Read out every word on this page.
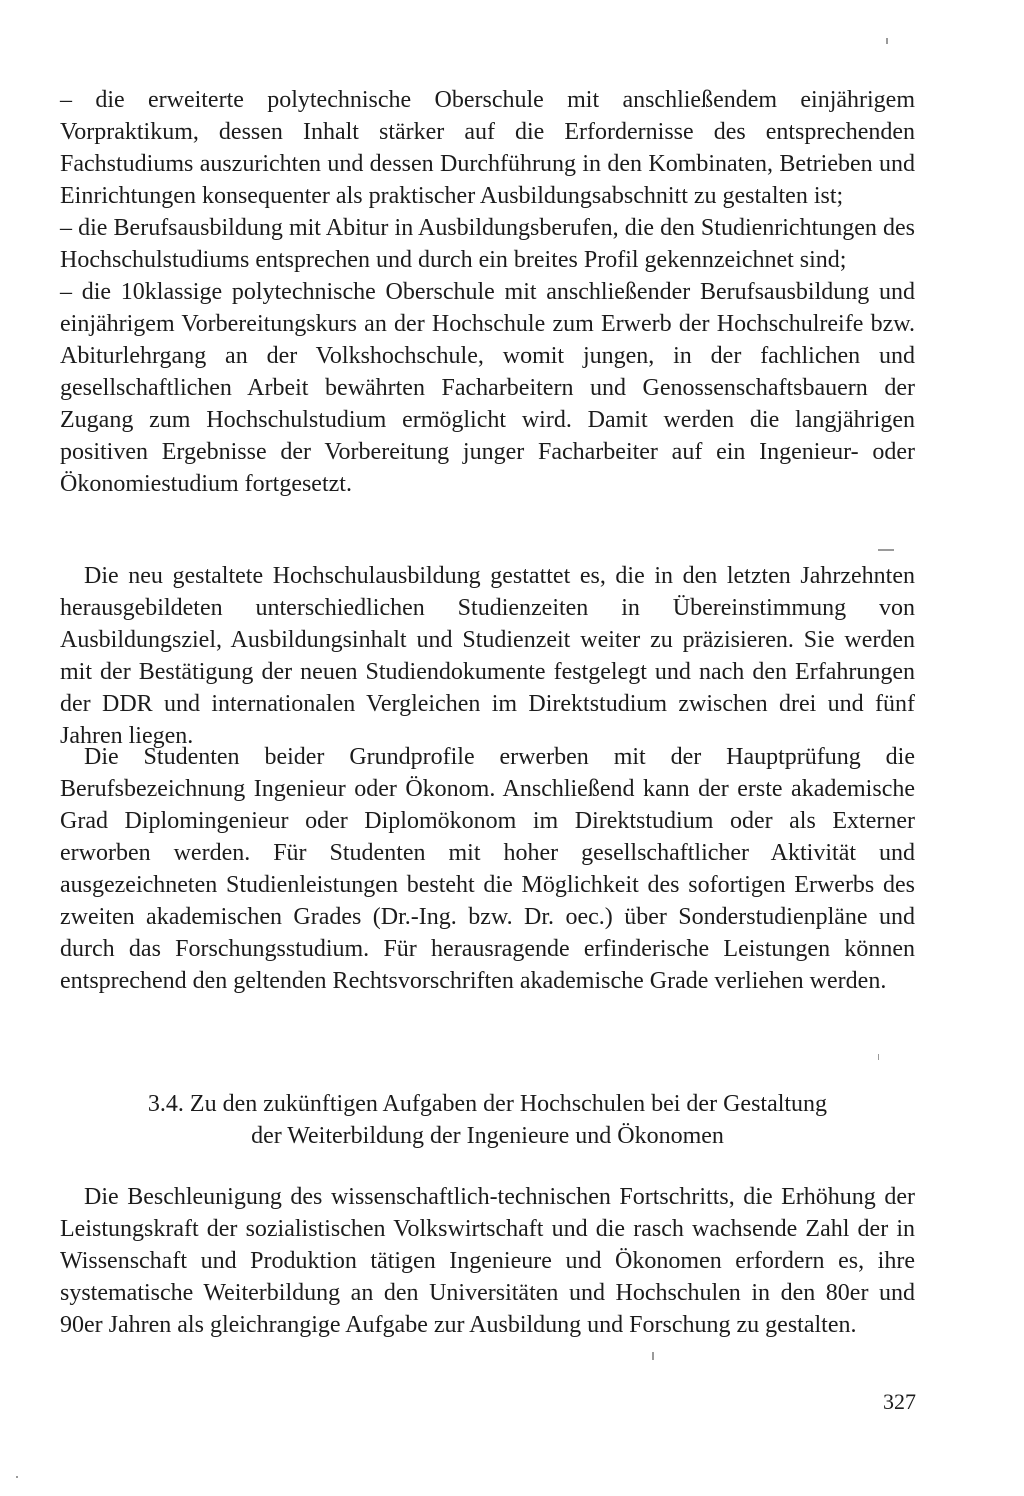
– die erweiterte polytechnische Oberschule mit anschließendem einjährigem Vorpraktikum, dessen Inhalt stärker auf die Erfordernisse des entsprechenden Fachstudiums auszurichten und dessen Durchführung in den Kombinaten, Betrieben und Einrichtungen konsequenter als praktischer Ausbildungsabschnitt zu gestalten ist;

– die Berufsausbildung mit Abitur in Ausbildungsberufen, die den Studienrichtungen des Hochschulstudiums entsprechen und durch ein breites Profil gekennzeichnet sind;

– die 10klassige polytechnische Oberschule mit anschließender Berufsausbildung und einjährigem Vorbereitungskurs an der Hochschule zum Erwerb der Hochschulreife bzw. Abiturlehrgang an der Volkshochschule, womit jungen, in der fachlichen und gesellschaftlichen Arbeit bewährten Facharbeitern und Genossenschaftsbauern der Zugang zum Hochschulstudium ermöglicht wird. Damit werden die langjährigen positiven Ergebnisse der Vorbereitung junger Facharbeiter auf ein Ingenieur- oder Ökonomiestudium fortgesetzt.

Die neu gestaltete Hochschulausbildung gestattet es, die in den letzten Jahrzehnten herausgebildeten unterschiedlichen Studienzeiten in Übereinstimmung von Ausbildungsziel, Ausbildungsinhalt und Studienzeit weiter zu präzisieren. Sie werden mit der Bestätigung der neuen Studiendokumente festgelegt und nach den Erfahrungen der DDR und internationalen Vergleichen im Direktstudium zwischen drei und fünf Jahren liegen.

Die Studenten beider Grundprofile erwerben mit der Hauptprüfung die Berufsbezeichnung Ingenieur oder Ökonom. Anschließend kann der erste akademische Grad Diplomingenieur oder Diplomökonom im Direktstudium oder als Externer erworben werden. Für Studenten mit hoher gesellschaftlicher Aktivität und ausgezeichneten Studienleistungen besteht die Möglichkeit des sofortigen Erwerbs des zweiten akademischen Grades (Dr.-Ing. bzw. Dr. oec.) über Sonderstudienpläne und durch das Forschungsstudium. Für herausragende erfinderische Leistungen können entsprechend den geltenden Rechtsvorschriften akademische Grade verliehen werden.

3.4. Zu den zukünftigen Aufgaben der Hochschulen bei der Gestaltung
der Weiterbildung der Ingenieure und Ökonomen

Die Beschleunigung des wissenschaftlich-technischen Fortschritts, die Erhöhung der Leistungskraft der sozialistischen Volkswirtschaft und die rasch wachsende Zahl der in Wissenschaft und Produktion tätigen Ingenieure und Ökonomen erfordern es, ihre systematische Weiterbildung an den Universitäten und Hochschulen in den 80er und 90er Jahren als gleichrangige Aufgabe zur Ausbildung und Forschung zu gestalten.

327
